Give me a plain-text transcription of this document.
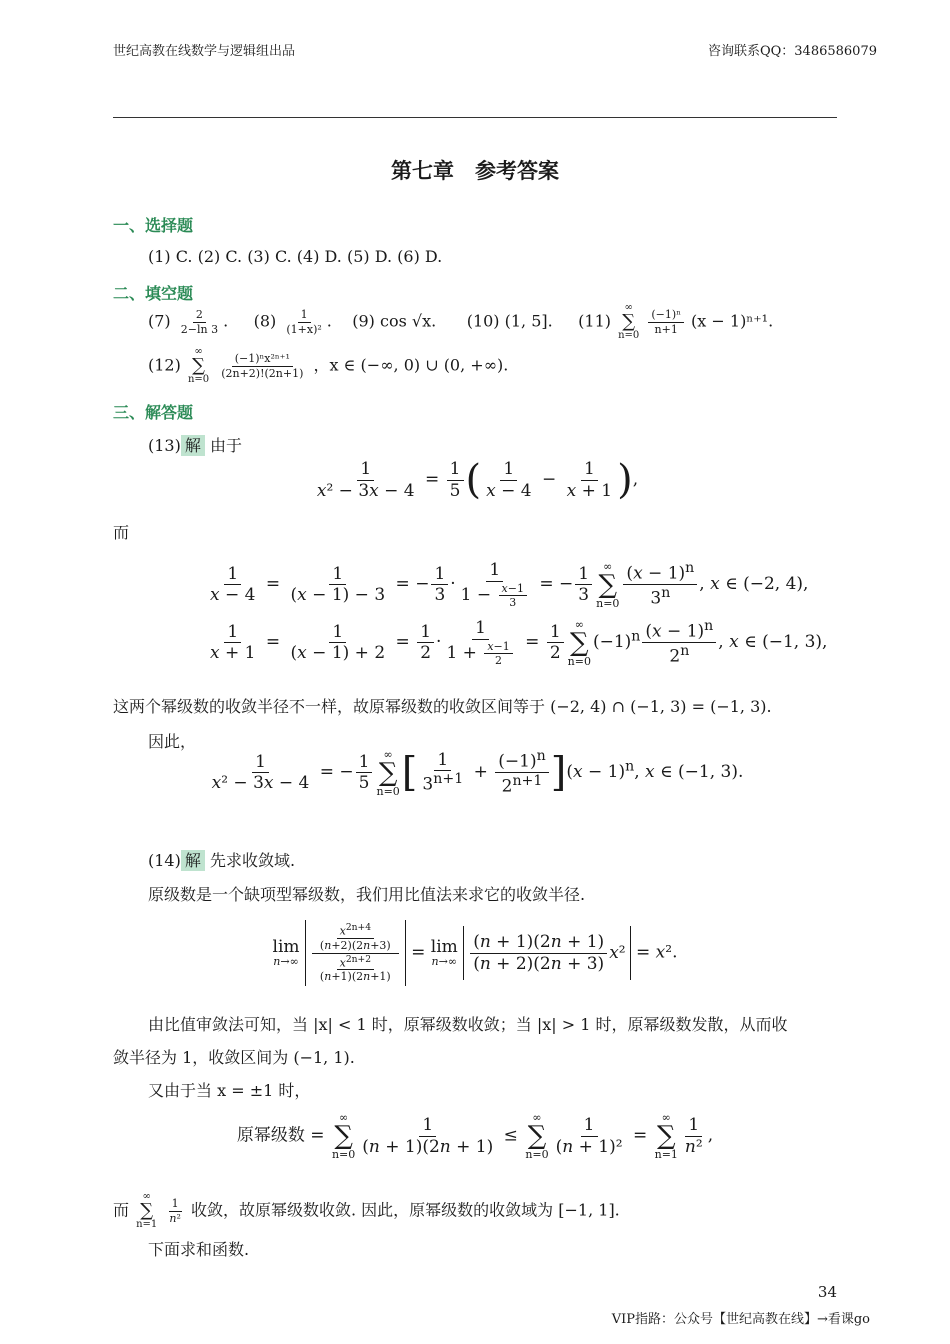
世纪高教在线数学与逻辑组出品	咨询联系QQ：3486586079
第七章　参考答案
一、选择题
(1) C. (2) C. (3) C. (4) D. (5) D. (6) D.
二、填空题
$(7) \frac{2}{2-\ln 3}$ .     $(8) \frac{1}{\text{(1+x)²}}$ .    (9) cos √x. (10) (1, 5]. (11)
∞
∑
n=0
$\frac{\text{(−1)ⁿ}}{n+1} (x - 1)^{n+1}$.
(12)
∞
∑
n=0
$\frac{\text{(−1)ⁿx²ⁿ⁺¹}}{(2n+2)!(2n+1)}$ ，x ∈ (−∞, 0) ∪ (0, +∞).
三、解答题
(13) 解 由于
$\frac{1}{\text{x² − 3x − 4}} = \frac{1}{5}$ ( $\frac{1}{x - 4} - \frac{1}{x + 1}$ ),
而
$\frac{1}{x - 4} = \frac{1}{(x - 1) - 3}$ = − $\frac{1}{3} \cdot \frac{1}{1 - \frac{x-1}{3}}$ = − $\frac{1}{3}$ ∞
∑
$n=0 \frac{(x - 1)^n}{3^n}$ , x ∈ (−2, 4),
$\frac{1}{x + 1} = \frac{1}{(x - 1) + 2} = \frac{1}{2} \cdot \frac{1}{1 + \frac{x-1}{2}} = \frac{1}{2}$ ∞
∑
n=0
$(-1)^n \frac{(x - 1)^n}{2^n}$ , x ∈ (−1, 3),
这两个幂级数的收敛半径不一样，故原幂级数的收敛区间等于 (−2, 4) ∩ (−1, 3) = (−1, 3).
因此，
$\frac{1}{\text{x² − 3x − 4}}$ = − $\frac{1}{5}$ ∞
∑
n=0 [ $\frac{1}{3^{n+1}} + \frac{(-1)^n}{2^{n+1}} ](x - 1)^n$, x ∈ (−1, 3).
(14) 解 先求收敛域.
原级数是一个缺项型幂级数，我们用比值法来求它的收敛半径.
lim
n→∞
$\frac{\frac{x^{2n+4}}{(n+2)(2n+3)}}{\frac{x^{2n+2}}{(n+1)(2n+1)}} = \lim$
n→∞
$\frac{(n + 1)(2n + 1)}{(n + 2)(2n + 3)}$ x ² = x².
由比值审敛法可知，当 |x| < 1 时，原幂级数收敛；当 |x| > 1 时，原幂级数发散，从而收
敛半径为 1，收敛区间为 (−1, 1).
又由于当 x = ±1 时，
原幂级数 =
∞
∑
$n=0 \frac{1}{(n + 1)(2n + 1)}$ ≤
∞
∑
$n=0 \frac{1}{\text{(n + 1)²}}$ =
∞
∑
$n=1 \frac{1}{\text{n²}}$ ,
而
∞
∑
n=1
$\frac{1}{\text{n²}}$ 收敛，故原幂级数收敛. 因此，原幂级数的收敛域为 [−1, 1].
下面求和函数.
34
VIP指路：公众号【世纪高教在线】→看课go
